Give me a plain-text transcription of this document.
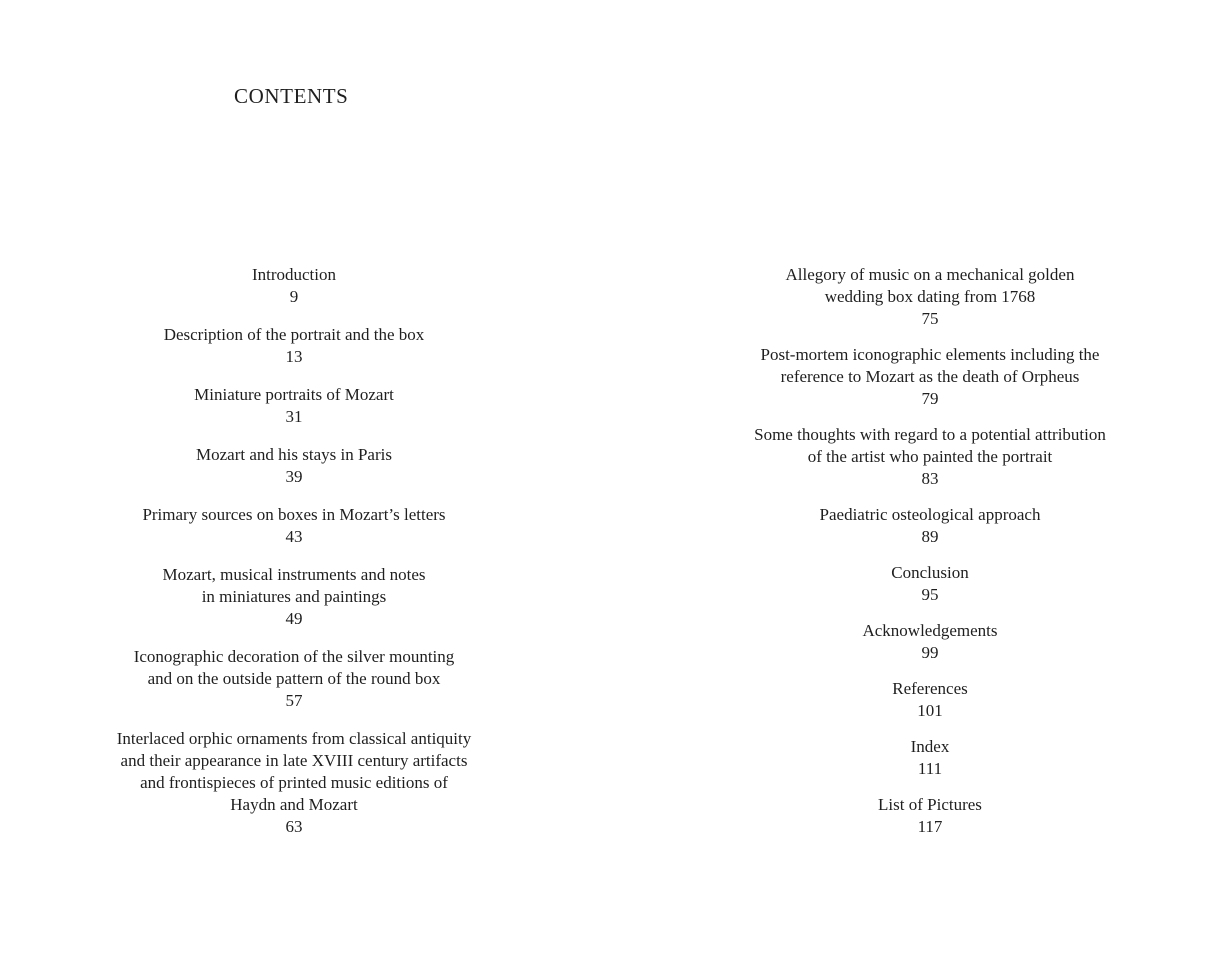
CONTENTS
Introduction
9
Description of the portrait and the box
13
Miniature portraits of Mozart
31
Mozart and his stays in Paris
39
Primary sources on boxes in Mozart’s letters
43
Mozart, musical instruments and notes
in miniatures and paintings
49
Iconographic decoration of the silver mounting
and on the outside pattern of the round box
57
Interlaced orphic ornaments from classical antiquity
and their appearance in late XVIII century artifacts
and frontispieces of printed music editions of
Haydn and Mozart
63
Allegory of music on a mechanical golden
wedding box dating from 1768
75
Post-mortem iconographic elements including the
reference to Mozart as the death of Orpheus
79
Some thoughts with regard to a potential attribution
of the artist who painted the portrait
83
Paediatric osteological approach
89
Conclusion
95
Acknowledgements
99
References
101
Index
111
List of Pictures
117
